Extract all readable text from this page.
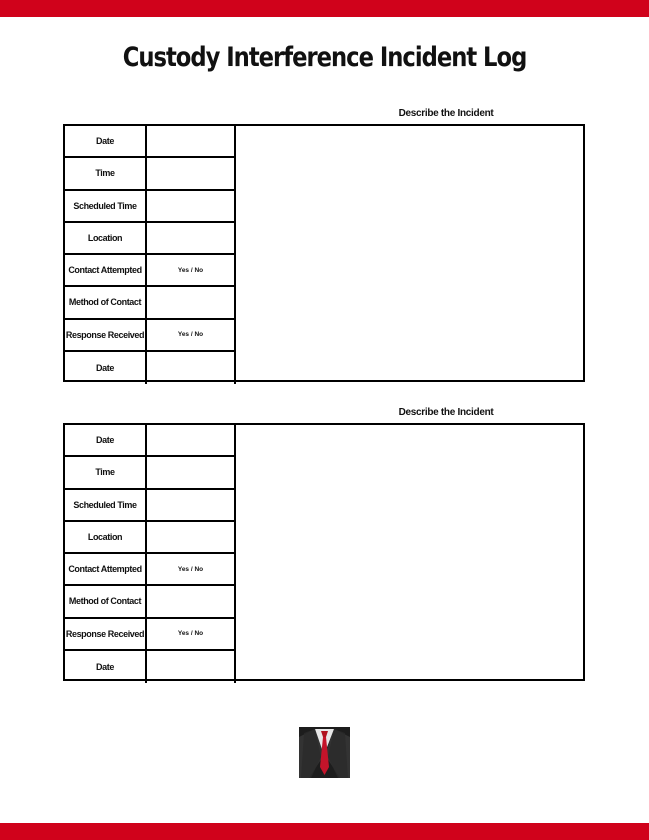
Custody Interference Incident Log
Describe the Incident
Date
Time
Scheduled Time
Location
Contact Attempted	Yes / No
Method of Contact
Response Received	Yes / No
Date
Describe the Incident
Date
Time
Scheduled Time
Location
Contact Attempted	Yes / No
Method of Contact
Response Received	Yes / No
Date
